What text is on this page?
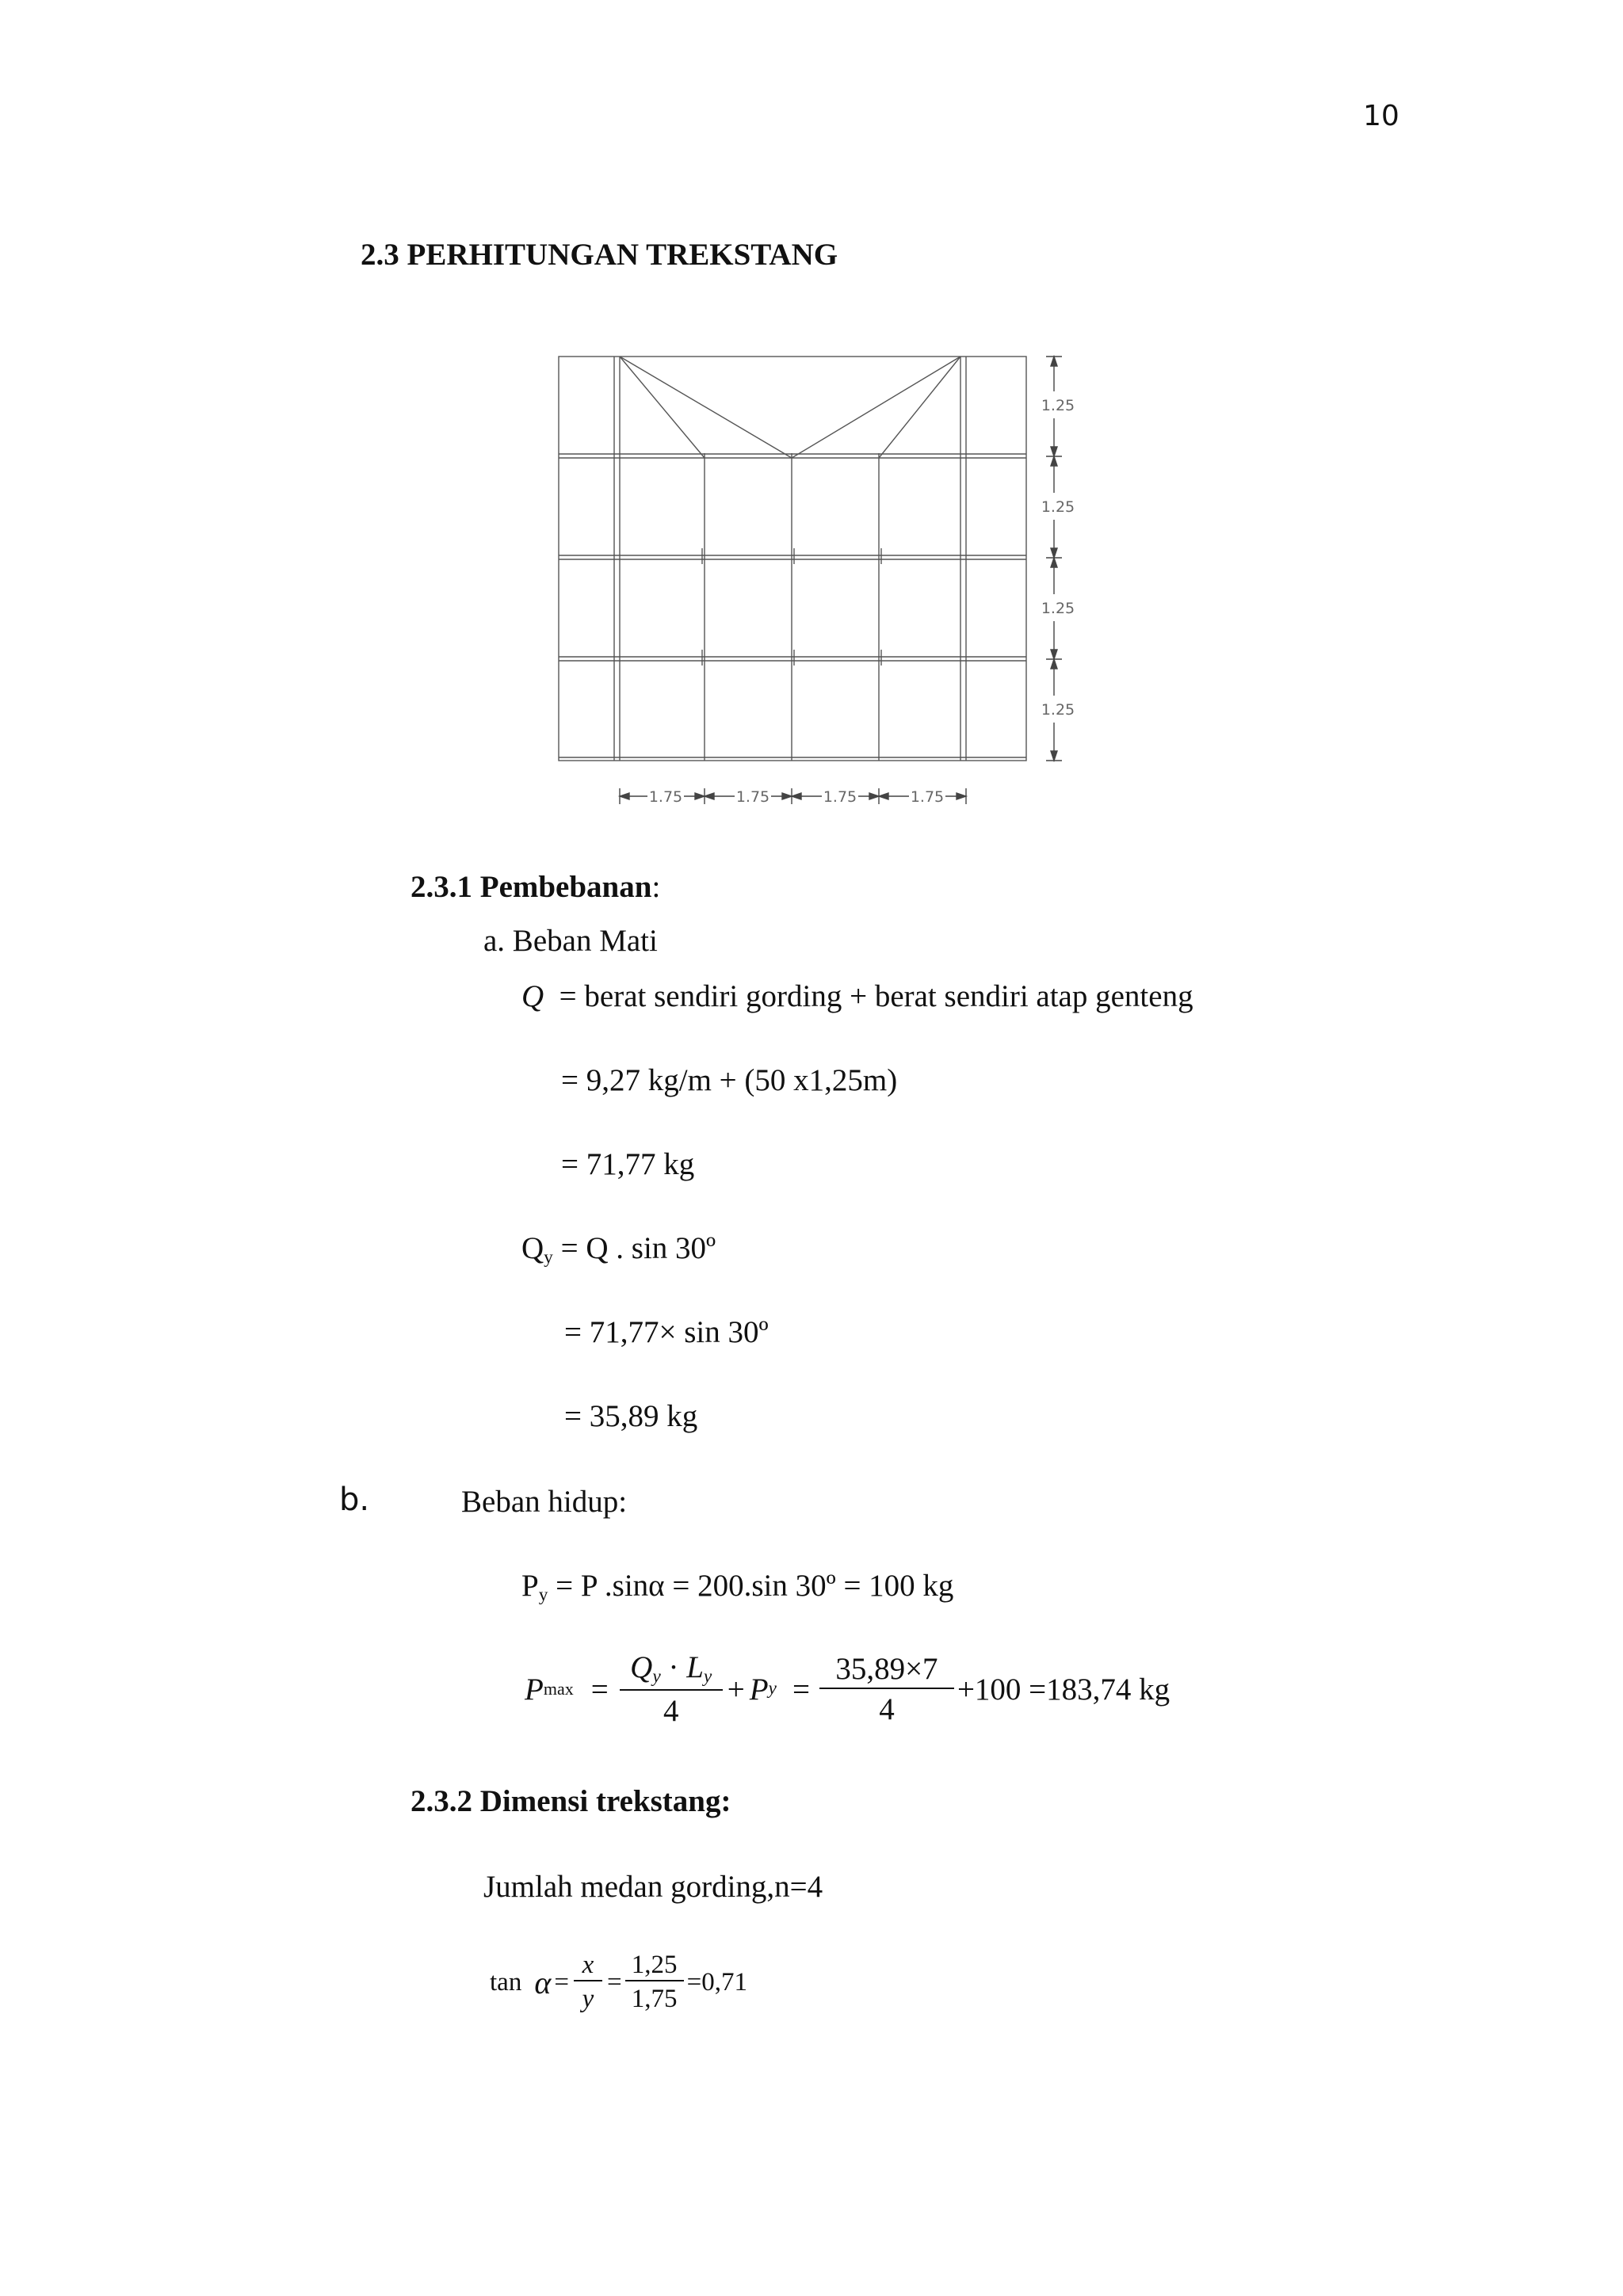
10
2.3 PERHITUNGAN TREKSTANG
1.25
1.25
1.25
1.25
1.75	1.75	1.75	1.75
2.3.1 Pembebanan:
a. Beban Mati
Q = berat sendiri gording + berat sendiri atap genteng
= 9,27 kg/m + (50 x1,25m)
= 71,77 kg
$Q_y = Q$ . sin 30º
= 71,77× sin 30º
= 35,89 kg
b.	Beban hidup:
$P_y = P$ .sinα = 200.sin 30º = 100 kg
P $\max = \frac{Q_y \cdot L_y}{4} + P$ $y = \frac{35,89\times 7}{4} +100 =183,74$ kg
2.3.2 Dimensi trekstang:
Jumlah medan gording,n=4
$\tan \alpha = \frac{x}{y} = \frac{1,25}{1,75} =0,71$
